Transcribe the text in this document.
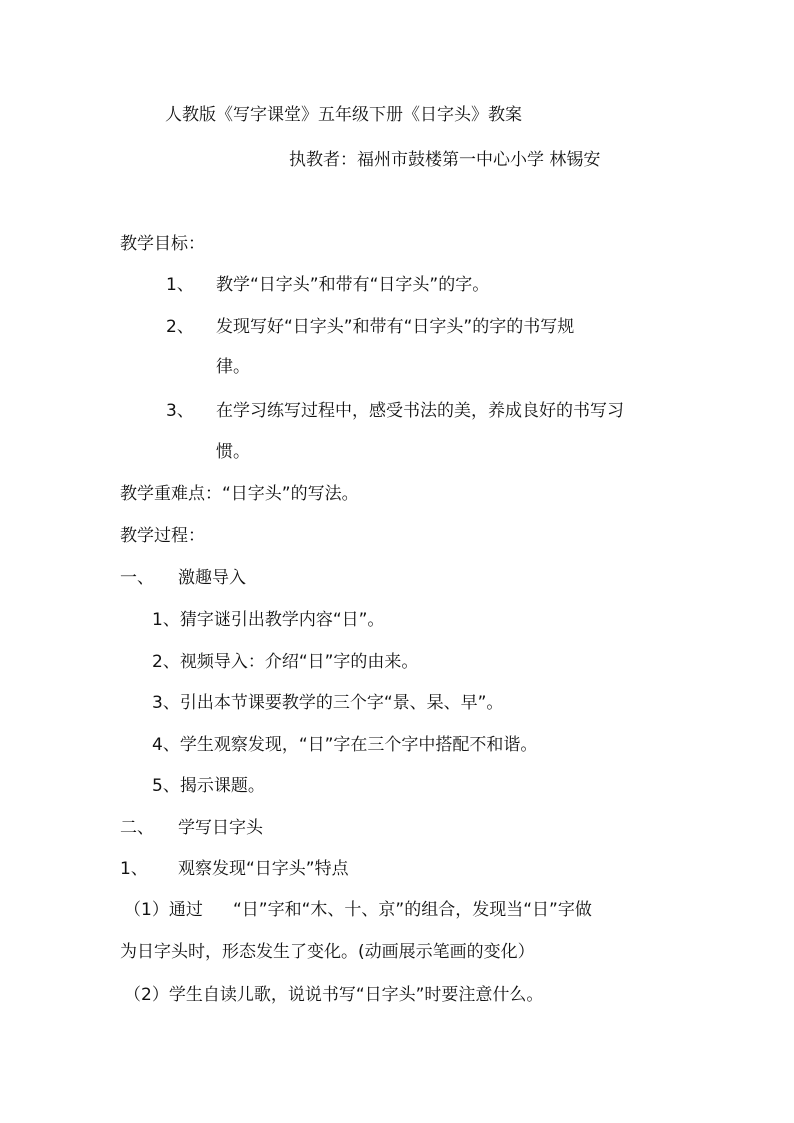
人教版《写字课堂》五年级下册《日字头》教案
执教者：福州市鼓楼第一中心小学 林锡安
教学目标：
1、 教学“日字头”和带有“日字头”的字。
2、 发现写好“日字头”和带有“日字头”的字的书写规
律。
3、 在学习练写过程中，感受书法的美，养成良好的书写习
惯。
教学重难点：“日字头”的写法。
教学过程：
一、 激趣导入
1、猜字谜引出教学内容“日”。
2、视频导入：介绍“日”字的由来。
3、引出本节课要教学的三个字“景、杲、早”。
4、学生观察发现，“日”字在三个字中搭配不和谐。
5、揭示课题。
二、 学写日字头
1、 观察发现“日字头”特点
（1）通过 “日”字和“木、十、京”的组合，发现当“日”字做
为日字头时，形态发生了变化。(动画展示笔画的变化）
（2）学生自读儿歌，说说书写“日字头”时要注意什么。
